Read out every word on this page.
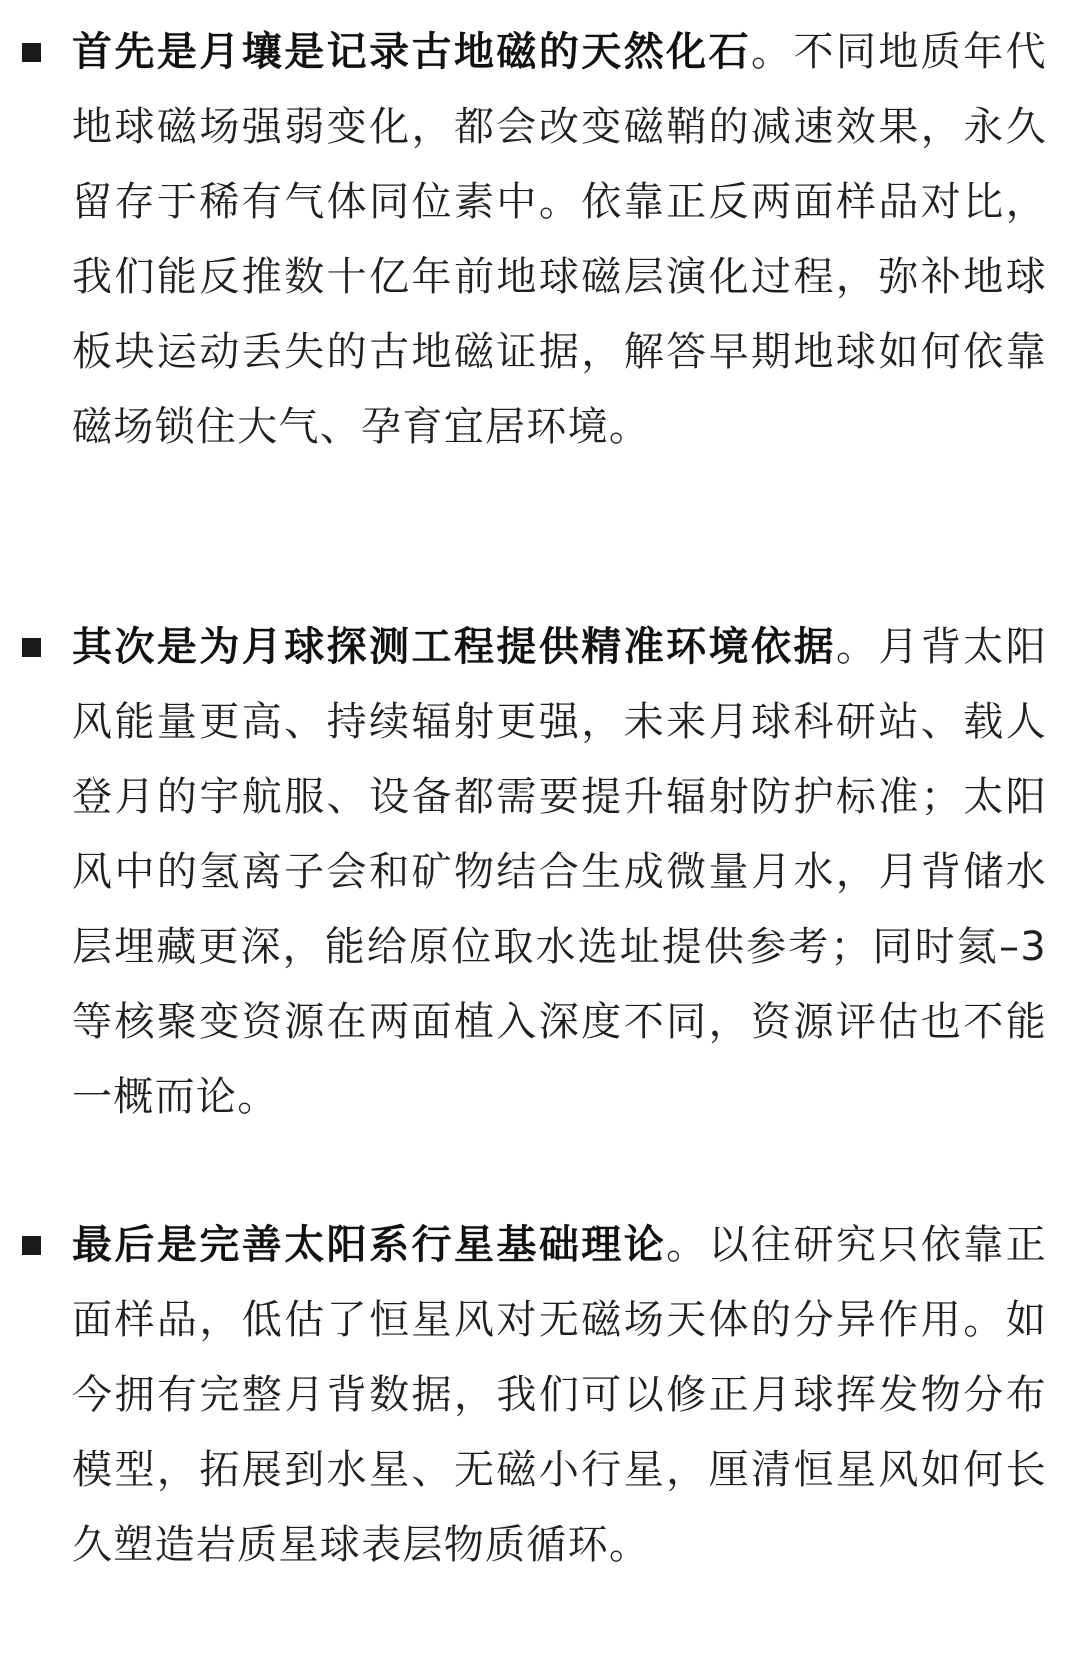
首先是月壤是记录古地磁的天然化石。不同地质年代地球磁场强弱变化，都会改变磁鞘的减速效果，永久留存于稀有气体同位素中。依靠正反两面样品对比，我们能反推数十亿年前地球磁层演化过程，弥补地球板块运动丢失的古地磁证据，解答早期地球如何依靠磁场锁住大气、孕育宜居环境。

其次是为月球探测工程提供精准环境依据。月背太阳风能量更高、持续辐射更强，未来月球科研站、载人登月的宇航服、设备都需要提升辐射防护标准；太阳风中的氢离子会和矿物结合生成微量月水，月背储水层埋藏更深，能给原位取水选址提供参考；同时氦–3等核聚变资源在两面植入深度不同，资源评估也不能一概而论。

最后是完善太阳系行星基础理论。以往研究只依靠正面样品，低估了恒星风对无磁场天体的分异作用。如今拥有完整月背数据，我们可以修正月球挥发物分布模型，拓展到水星、无磁小行星，厘清恒星风如何长久塑造岩质星球表层物质循环。
